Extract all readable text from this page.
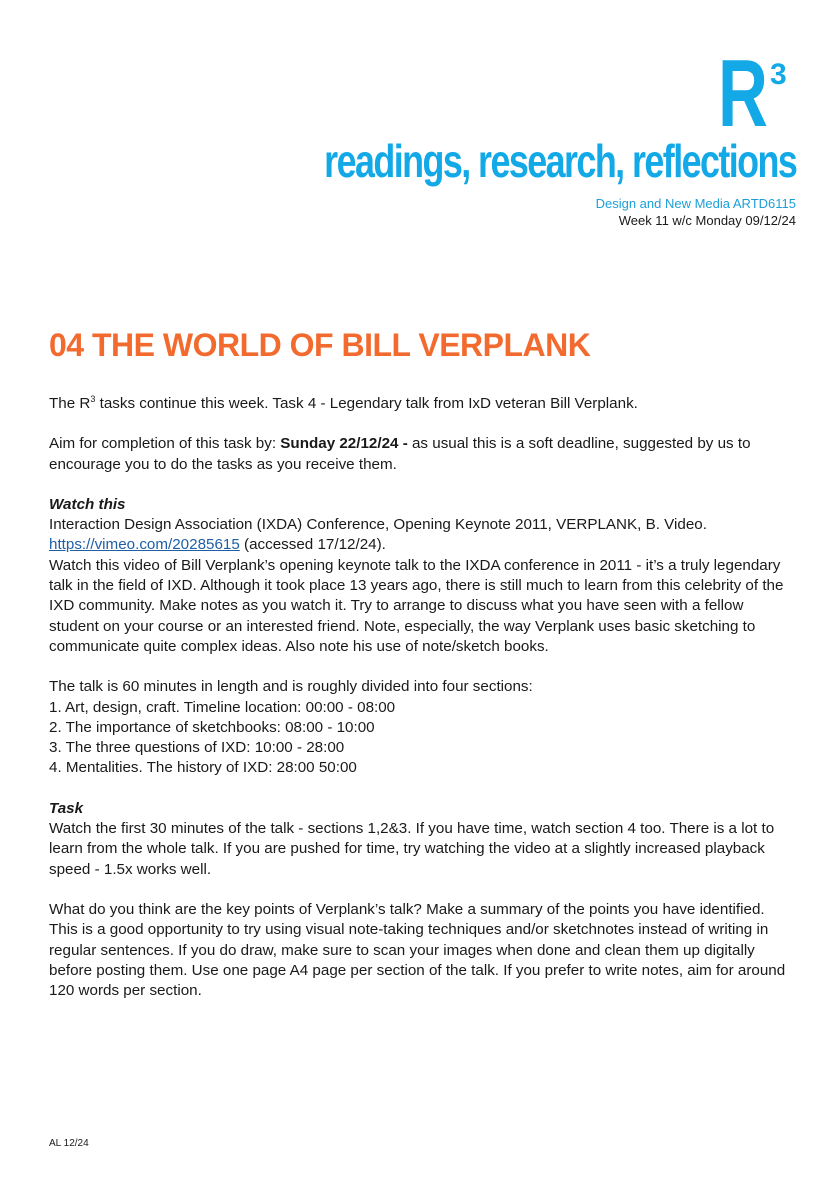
R 3
readings, research, reflections
Design and New Media ARTD6115
Week 11 w/c Monday 09/12/24
04 THE WORLD OF BILL VERPLANK

The $R^3$ tasks continue this week. Task 4 - Legendary talk from IxD veteran Bill Verplank.

Aim for completion of this task by: Sunday 22/12/24 - as usual this is a soft deadline, suggested by us to encourage you to do the tasks as you receive them.

Watch this

Interaction Design Association (IXDA) Conference, Opening Keynote 2011, VERPLANK, B. Video.

https://vimeo.com/20285615 (accessed 17/12/24).

Watch this video of Bill Verplank’s opening keynote talk to the IXDA conference in 2011 - it’s a truly legendary talk in the field of IXD. Although it took place 13 years ago, there is still much to learn from this celebrity of the IXD community. Make notes as you watch it. Try to arrange to discuss what you have seen with a fellow student on your course or an interested friend. Note, especially, the way Verplank uses basic sketching to communicate quite complex ideas. Also note his use of note/sketch books.

The talk is 60 minutes in length and is roughly divided into four sections:

1. Art, design, craft. Timeline location: 00:00 - 08:00

2. The importance of sketchbooks: 08:00 - 10:00

3. The three questions of IXD: 10:00 - 28:00

4. Mentalities. The history of IXD: 28:00 50:00

Task

Watch the first 30 minutes of the talk - sections 1,2&3. If you have time, watch section 4 too. There is a lot to learn from the whole talk. If you are pushed for time, try watching the video at a slightly increased playback speed - 1.5x works well.

What do you think are the key points of Verplank’s talk? Make a summary of the points you have identified. This is a good opportunity to try using visual note-taking techniques and/or sketchnotes instead of writing in regular sentences. If you do draw, make sure to scan your images when done and clean them up digitally before posting them. Use one page A4 page per section of the talk. If you prefer to write notes, aim for around 120 words per section.

AL 12/24
